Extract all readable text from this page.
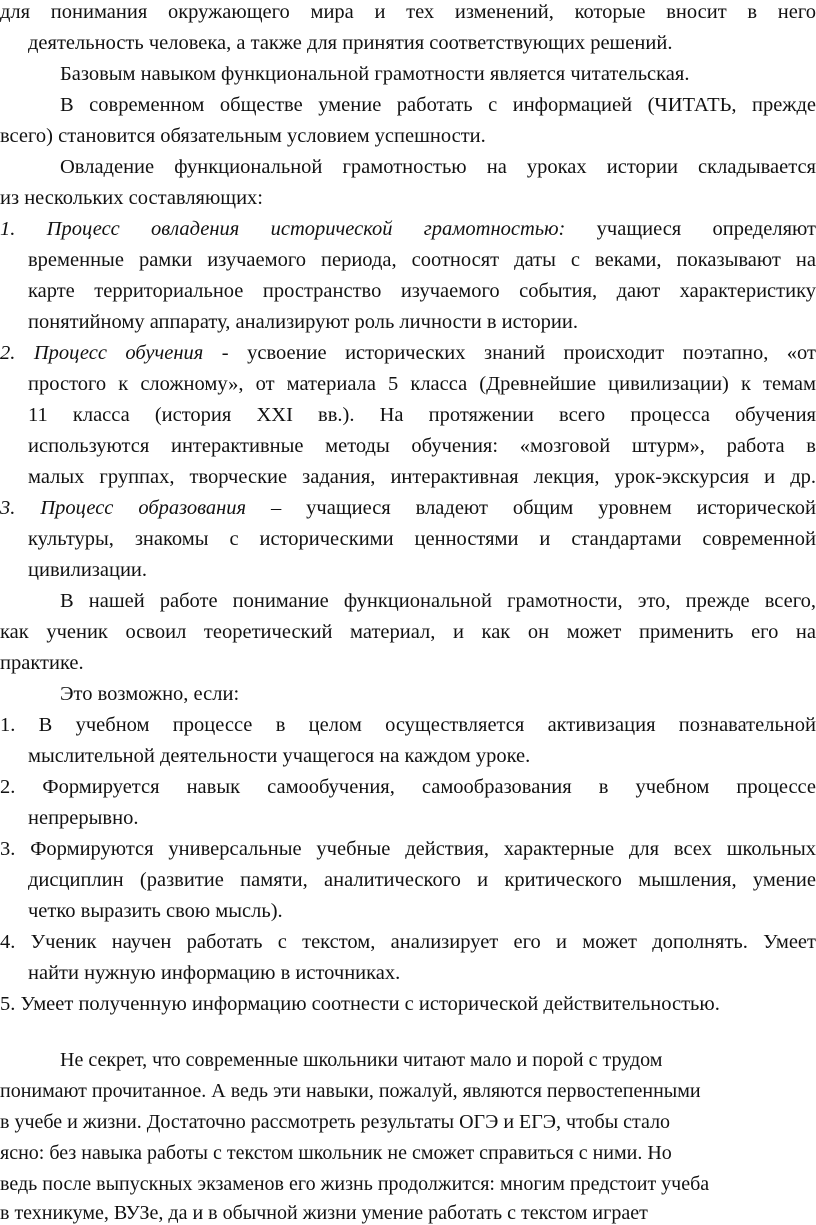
для понимания окружающего мира и тех изменений, которые вносит в него
деятельность человека, а также для принятия соответствующих решений.
Базовым навыком функциональной грамотности является читательская.
В современном обществе умение работать с информацией (ЧИТАТЬ, прежде
всего) становится обязательным условием успешности.
Овладение функциональной грамотностью на уроках истории складывается
из нескольких составляющих:
1. Процесс овладения исторической грамотностью: учащиеся определяют
временные рамки изучаемого периода, соотносят даты с веками, показывают на
карте территориальное пространство изучаемого события, дают характеристику
понятийному аппарату, анализируют роль личности в истории.
2. Процесс обучения - усвоение исторических знаний происходит поэтапно, «от
простого к сложному», от материала 5 класса (Древнейшие цивилизации) к темам
11 класса (история XXI вв.). На протяжении всего процесса обучения
используются интерактивные методы обучения: «мозговой штурм», работа в
малых группах, творческие задания, интерактивная лекция, урок-экскурсия и др.
3. Процесс образования – учащиеся владеют общим уровнем исторической
культуры, знакомы с историческими ценностями и стандартами современной
цивилизации.
В нашей работе понимание функциональной грамотности, это, прежде всего,
как ученик освоил теоретический материал, и как он может применить его на
практике.
Это возможно, если:
1. В учебном процессе в целом осуществляется активизация познавательной
мыслительной деятельности учащегося на каждом уроке.
2. Формируется навык самообучения, самообразования в учебном процессе
непрерывно.
3. Формируются универсальные учебные действия, характерные для всех школьных
дисциплин (развитие памяти, аналитического и критического мышления, умение
четко выразить свою мысль).
4. Ученик научен работать с текстом, анализирует его и может дополнять. Умеет
найти нужную информацию в источниках.
5. Умеет полученную информацию соотнести с исторической действительностью.
Не секрет, что современные школьники читают мало и порой с трудом
понимают прочитанное. А ведь эти навыки, пожалуй, являются первостепенными
в учебе и жизни. Достаточно рассмотреть результаты ОГЭ и ЕГЭ, чтобы стало
ясно: без навыка работы с текстом школьник не сможет справиться с ними. Но
ведь после выпускных экзаменов его жизнь продолжится: многим предстоит учеба
в техникуме, ВУЗе, да и в обычной жизни умение работать с текстом играет
